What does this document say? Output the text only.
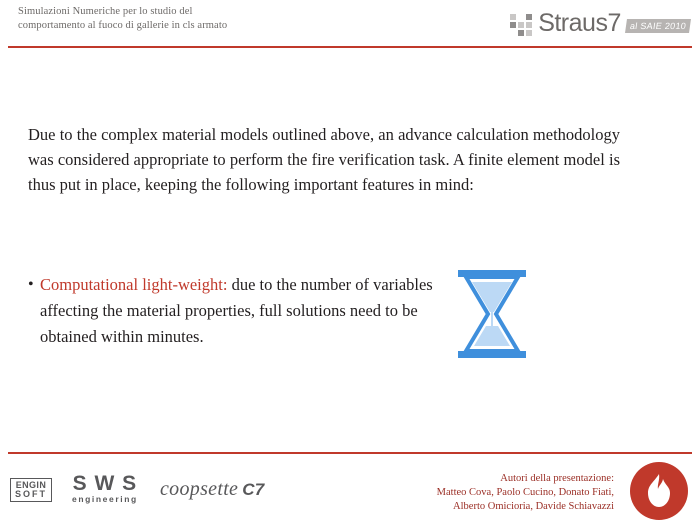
Simulazioni Numeriche per lo studio del
comportamento al fuoco di gallerie in cls armato	Straus7 al SAIE 2010
Due to the complex material models outlined above, an advance calculation methodology was considered appropriate to perform the fire verification task. A finite element model is thus put in place, keeping the following important features in mind:
• Computational light-weight: due to the number of variables affecting the material properties, full solutions need to be obtained within minutes.
ENGIN
SOFT S W S
engineering coopsette C7
Autori della presentazione:
Matteo Cova, Paolo Cucino, Donato Fiati,
Alberto Omicioria, Davide Schiavazzi
